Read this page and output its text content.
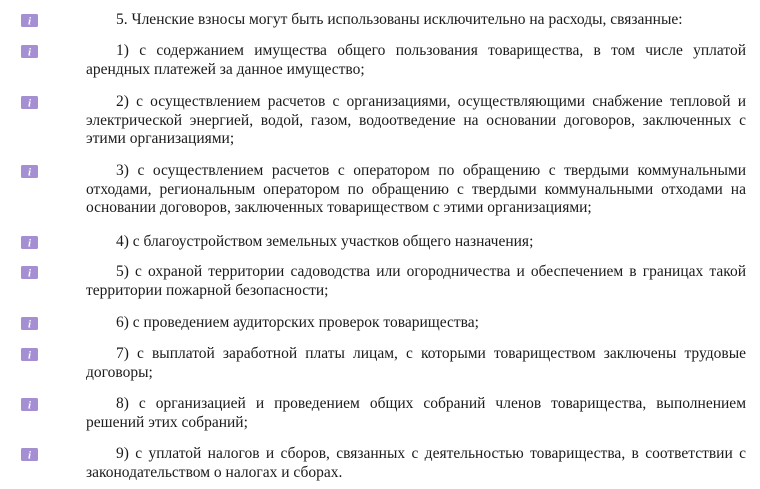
i	5. Членские взносы могут быть использованы исключительно на расходы, связанные:

i	1) с содержанием имущества общего пользования товарищества, в том числе уплатой арендных платежей за данное имущество;

i	2) с осуществлением расчетов с организациями, осуществляющими снабжение тепловой и электрической энергией, водой, газом, водоотведение на основании договоров, заключенных с этими организациями;

i	3) с осуществлением расчетов с оператором по обращению с твердыми коммунальными отходами, региональным оператором по обращению с твердыми коммунальными отходами на основании договоров, заключенных товариществом с этими организациями;

i	4) с благоустройством земельных участков общего назначения;

i	5) с охраной территории садоводства или огородничества и обеспечением в границах такой территории пожарной безопасности;

i	6) с проведением аудиторских проверок товарищества;

i	7) с выплатой заработной платы лицам, с которыми товариществом заключены трудовые договоры;

i	8) с организацией и проведением общих собраний членов товарищества, выполнением решений этих собраний;

i	9) с уплатой налогов и сборов, связанных с деятельностью товарищества, в соответствии с законодательством о налогах и сборах.
